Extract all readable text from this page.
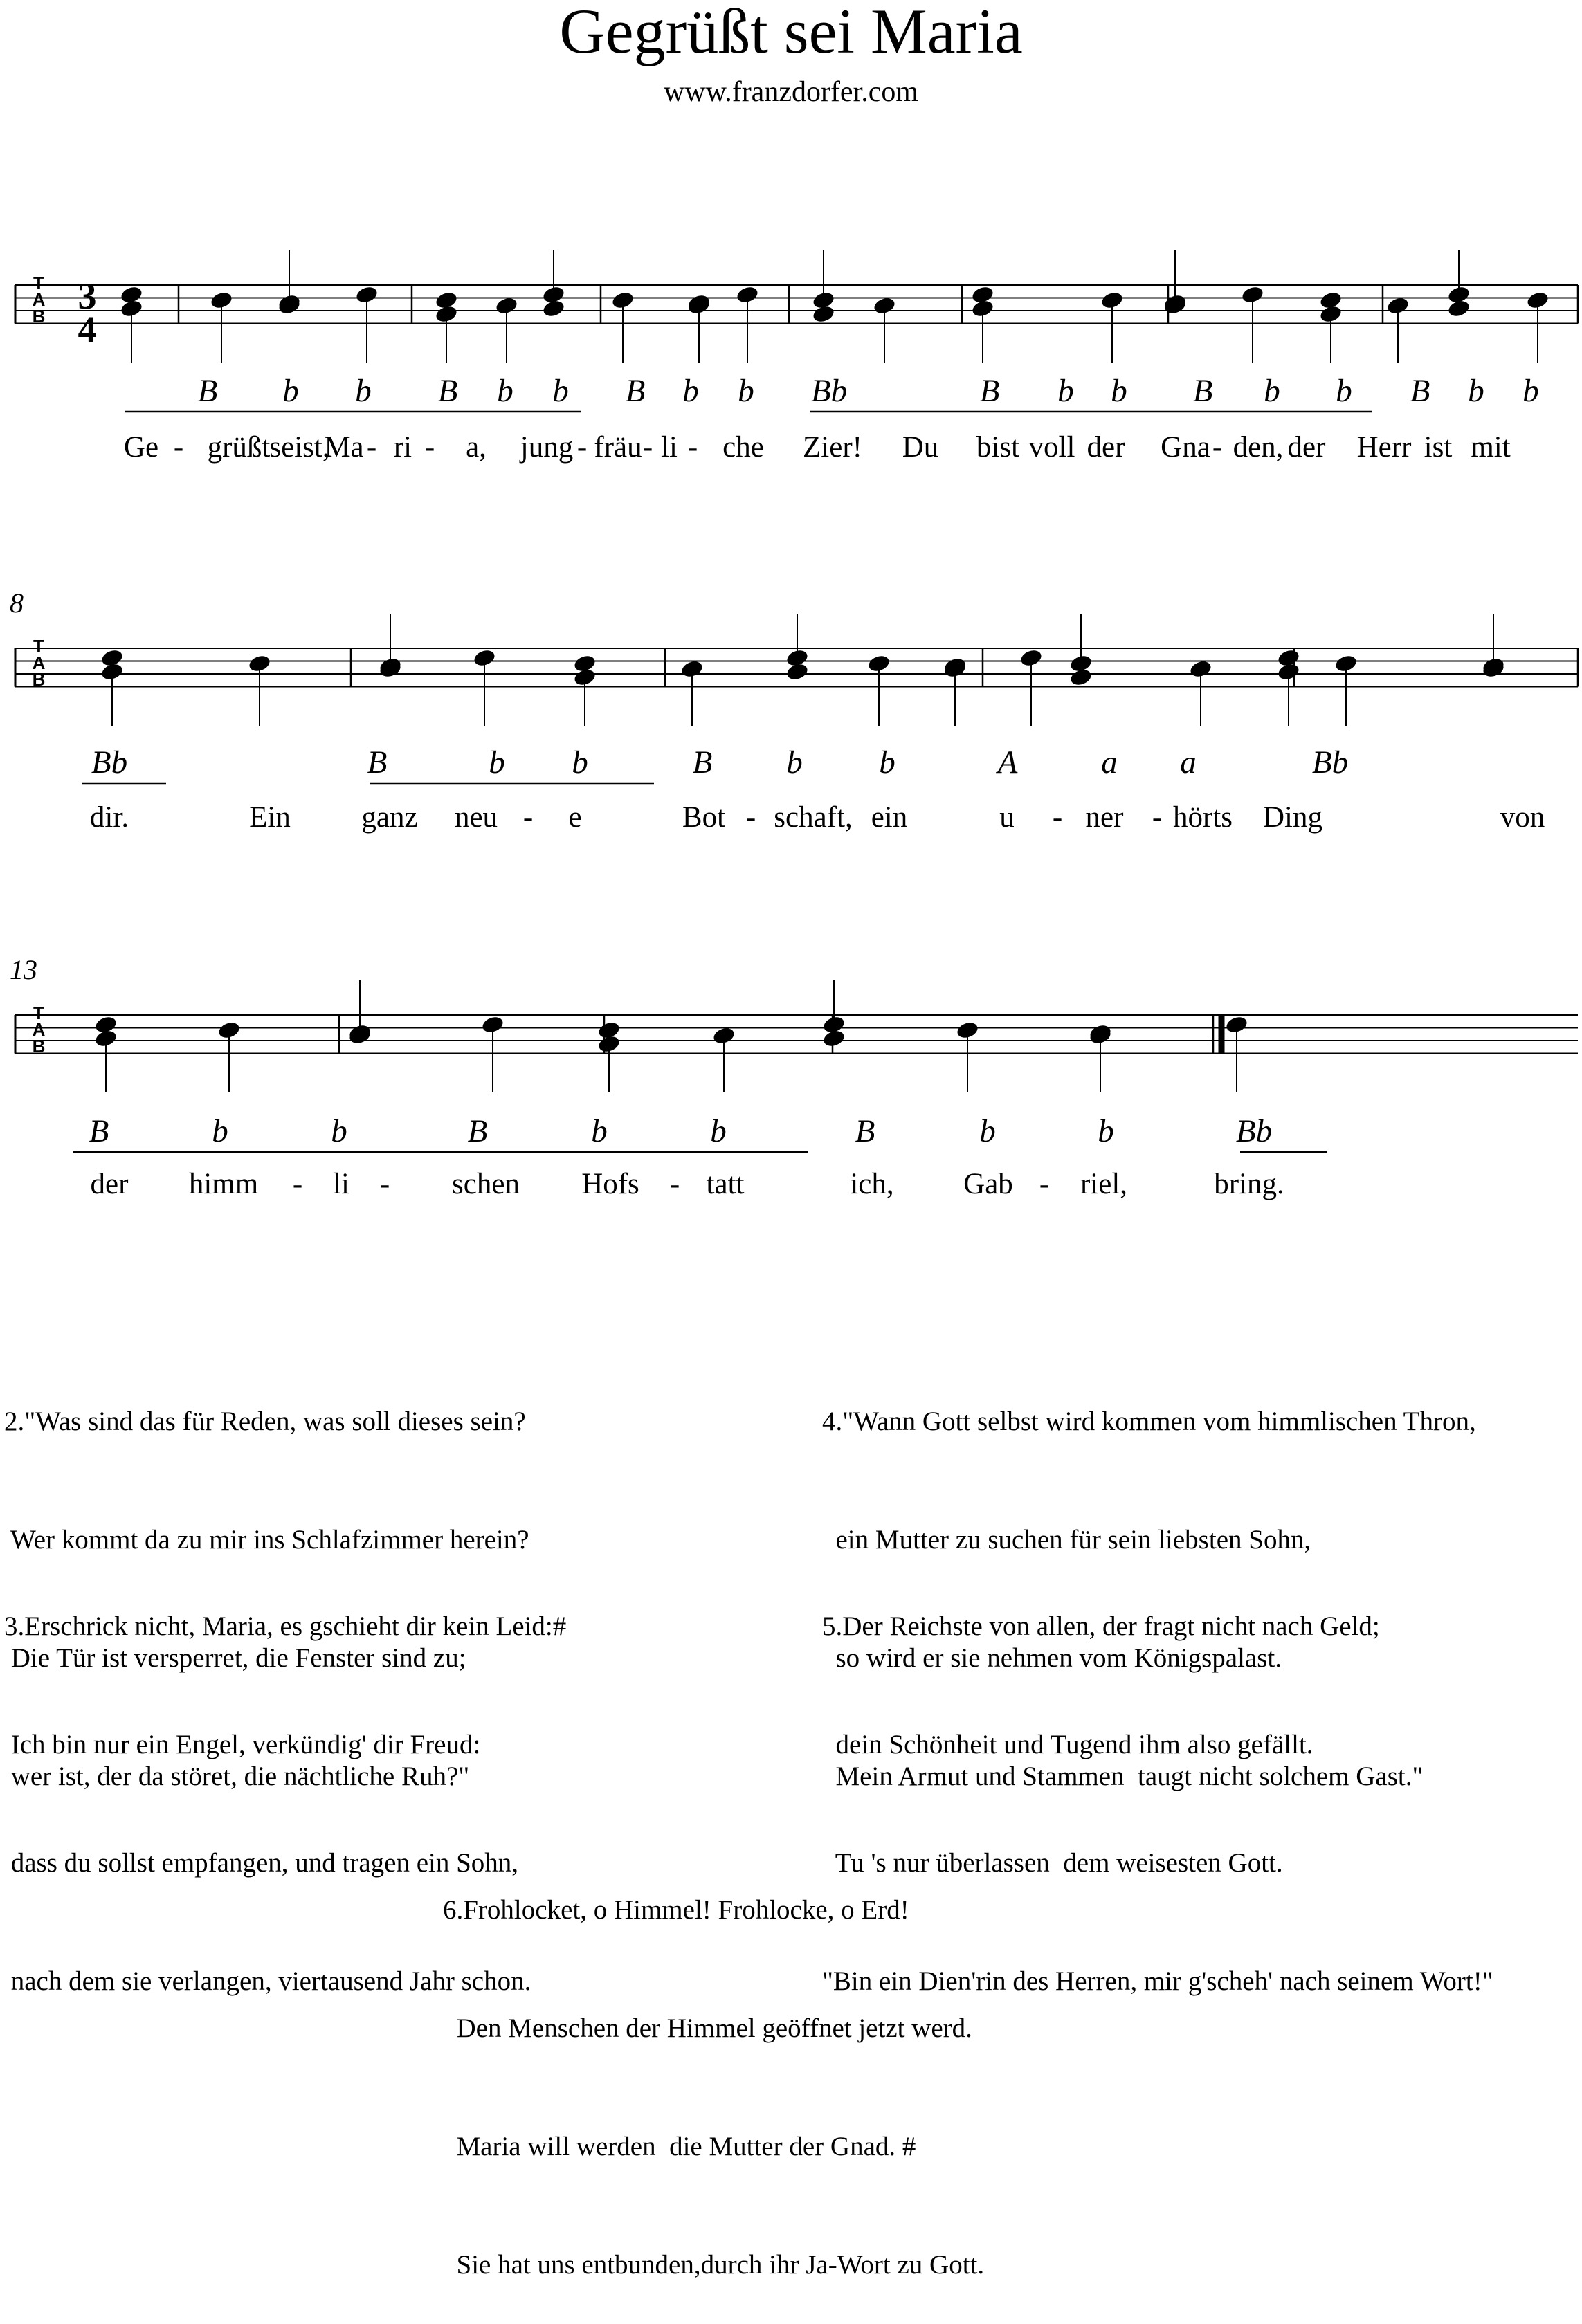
Gegrüßt sei Maria
www.franzdorfer.com
T
A
B
B b b B b b B b b Bb	B b b B b b B b b
Ge - grüßt seist,
Ma - ri - a, jung - fräu - li - che Zier! Du bist voll der Gna - den, der Herr ist mit
T
A
B
8
Bb	B	b b	B b b	A	a a	Bb
dir.	Ein ganz neu - e	Bot - schaft, ein	u - ner - hörts Ding	von
T
A
B
13
B	b	b	B	b	b	B	b	b	Bb
der himm - li - schen Hofs - tatt	ich, Gab - riel,	bring.
3
4

2."Was sind das für Reden, was soll dieses sein?

Wer kommt da zu mir ins Schlafzimmer herein?

Die Tür ist versperret, die Fenster sind zu;

wer ist, der da störet, die nächtliche Ruh?"

3.Erschrick nicht, Maria, es gschieht dir kein Leid:#

Ich bin nur ein Engel, verkündig' dir Freud:

dass du sollst empfangen, und tragen ein Sohn,

nach dem sie verlangen, viertausend Jahr schon.

4."Wann Gott selbst wird kommen vom himmlischen Thron,

ein Mutter zu suchen für sein liebsten Sohn,

so wird er sie nehmen vom Königspalast.

Mein Armut und Stammen  taugt nicht solchem Gast."

5.Der Reichste von allen, der fragt nicht nach Geld;

dein Schönheit und Tugend ihm also gefällt.

Tu 's nur überlassen  dem weisesten Gott.

"Bin ein Dien'rin des Herren, mir g'scheh' nach seinem Wort!"

6.Frohlocket, o Himmel! Frohlocke, o Erd!

Den Menschen der Himmel geöffnet jetzt werd.

Maria will werden  die Mutter der Gnad. #

Sie hat uns entbunden,durch ihr Ja-Wort zu Gott.
